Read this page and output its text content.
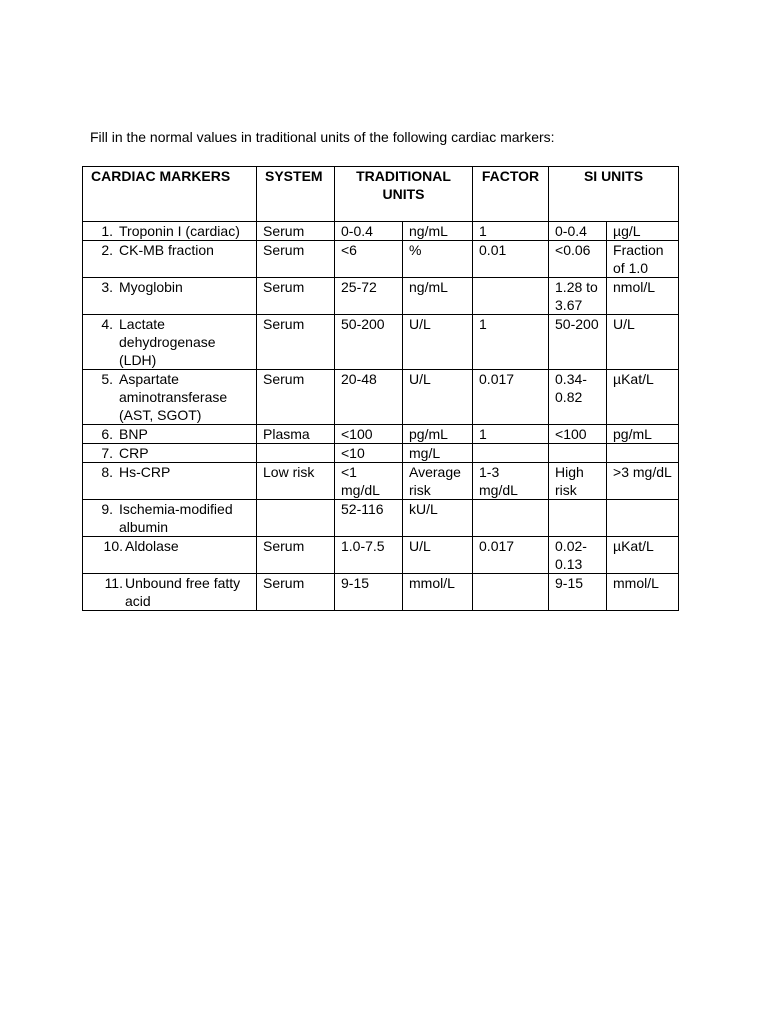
Fill in the normal values in traditional units of the following cardiac markers:
CARDIAC MARKERS	SYSTEM	TRADITIONAL UNITS		FACTOR	SI UNITS	

1. Troponin I (cardiac)	Serum	0-0.4	ng/mL	1	0-0.4	µg/L

2. CK-MB fraction	Serum	<6	%	0.01	<0.06	Fraction of 1.0

3. Myoglobin	Serum	25-72	ng/mL		1.28 to 3.67	nmol/L

4. Lactate dehydrogenase (LDH)	Serum	50-200	U/L	1	50-200	U/L

5. Aspartate aminotransferase (AST, SGOT)	Serum	20-48	U/L	0.017	0.34-0.82	µKat/L

6. BNP	Plasma	<100	pg/mL	1	<100	pg/mL

7. CRP		<10	mg/L			

8. Hs-CRP	Low risk	<1 mg/dL	Average risk	1-3 mg/dL	High risk	>3 mg/dL

9. Ischemia-modified albumin		52-116	kU/L			

10. Aldolase	Serum	1.0-7.5	U/L	0.017	0.02-0.13	µKat/L

11. Unbound free fatty acid	Serum	9-15	mmol/L		9-15	mmol/L
